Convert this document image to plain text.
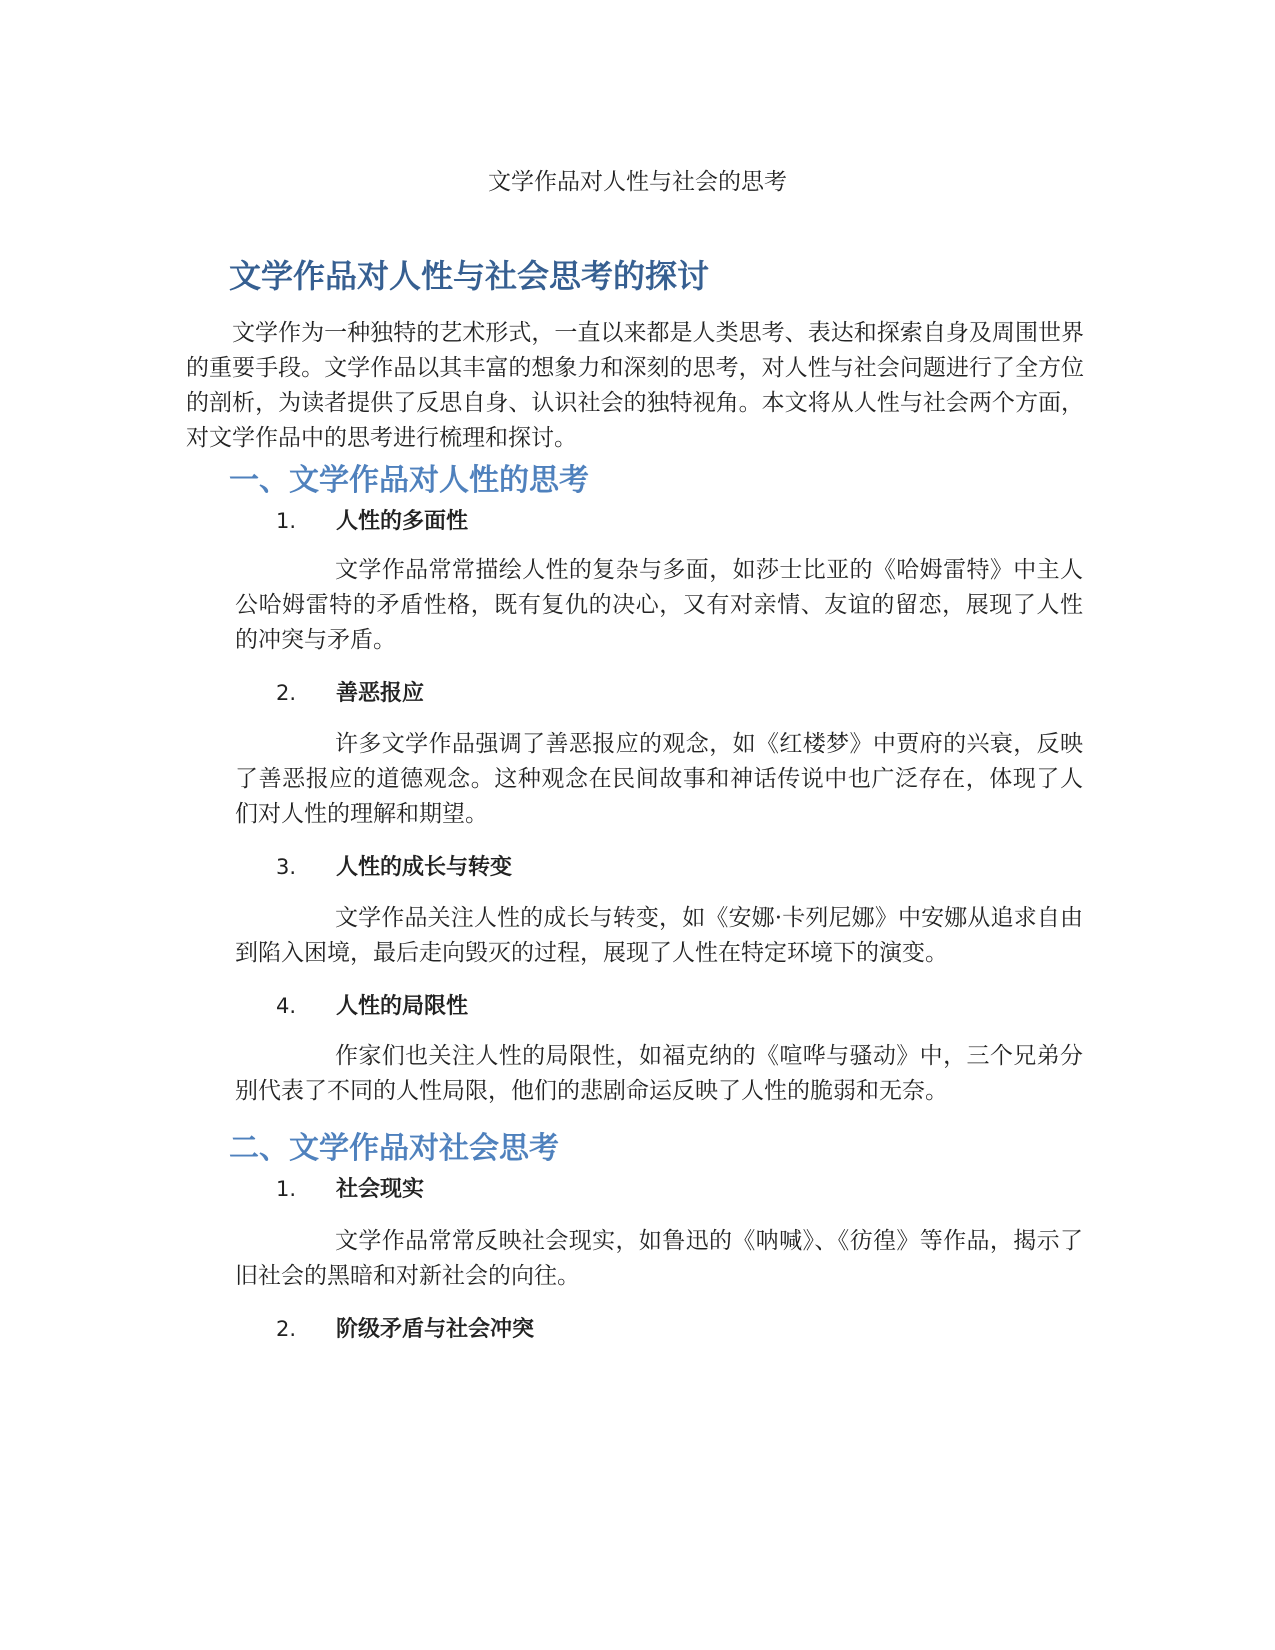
文学作品对人性与社会的思考
文学作品对人性与社会思考的探讨

文学作为一种独特的艺术形式，一直以来都是人类思考、表达和探索自身及周围世界的重要手段。文学作品以其丰富的想象力和深刻的思考，对人性与社会问题进行了全方位的剖析，为读者提供了反思自身、认识社会的独特视角。本文将从人性与社会两个方面，对文学作品中的思考进行梳理和探讨。

一、文学作品对人性的思考
1. 人性的多面性

文学作品常常描绘人性的复杂与多面，如莎士比亚的《哈姆雷特》中主人公哈姆雷特的矛盾性格，既有复仇的决心，又有对亲情、友谊的留恋，展现了人性的冲突与矛盾。

2. 善恶报应

许多文学作品强调了善恶报应的观念，如《红楼梦》中贾府的兴衰，反映了善恶报应的道德观念。这种观念在民间故事和神话传说中也广泛存在，体现了人们对人性的理解和期望。

3. 人性的成长与转变

文学作品关注人性的成长与转变，如《安娜·卡列尼娜》中安娜从追求自由到陷入困境，最后走向毁灭的过程，展现了人性在特定环境下的演变。

4. 人性的局限性

作家们也关注人性的局限性，如福克纳的《喧哗与骚动》中，三个兄弟分别代表了不同的人性局限，他们的悲剧命运反映了人性的脆弱和无奈。

二、文学作品对社会思考
1. 社会现实

文学作品常常反映社会现实，如鲁迅的《呐喊》、《彷徨》等作品，揭示了旧社会的黑暗和对新社会的向往。

2. 阶级矛盾与社会冲突
